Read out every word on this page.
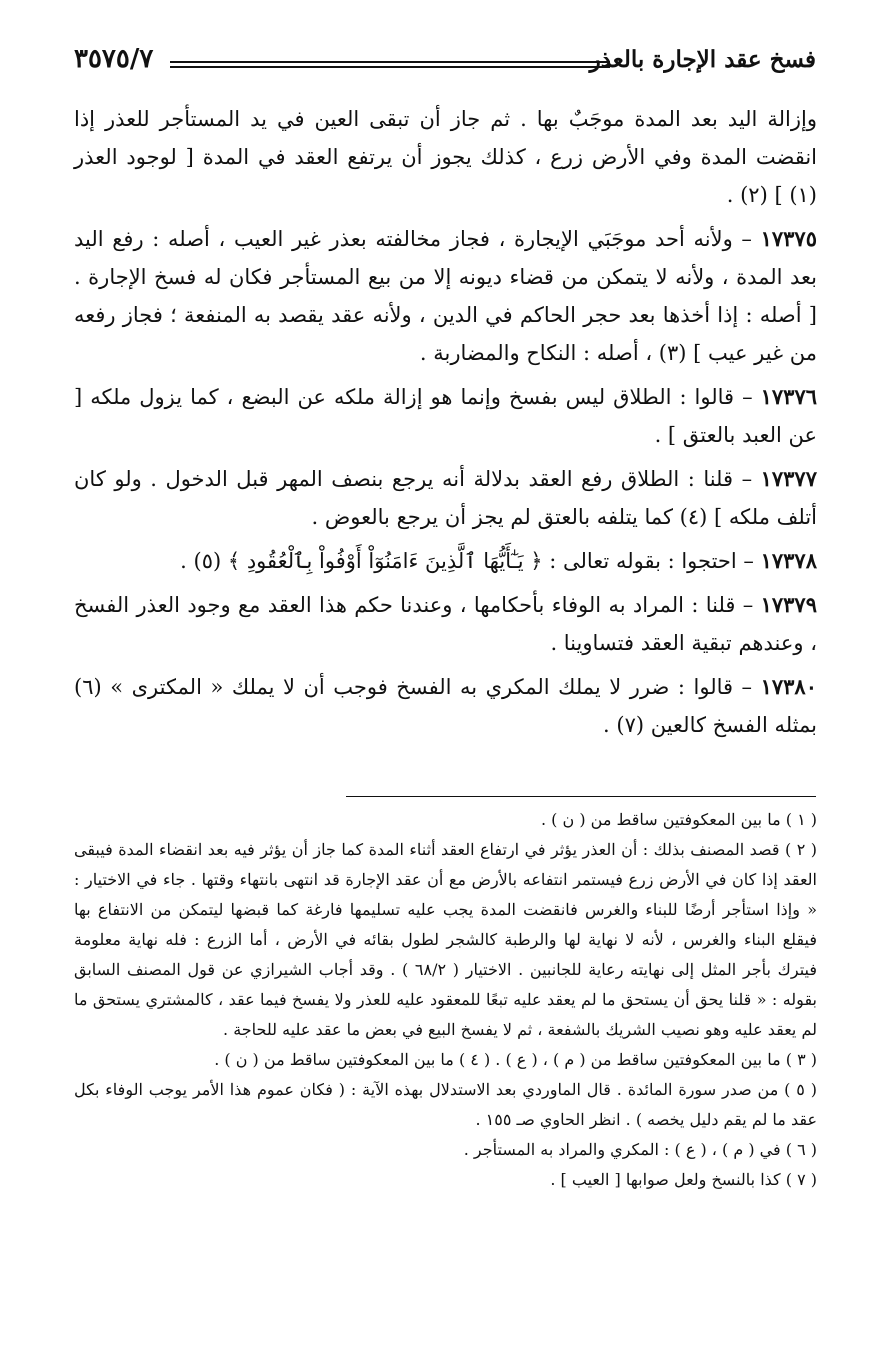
فسخ عقد الإجارة بالعذر
٣٥٧٥/٧

وإزالة اليد بعد المدة موجَبٌ بها . ثم جاز أن تبقى العين في يد المستأجر للعذر إذا انقضت المدة وفي الأرض زرع ، كذلك يجوز أن يرتفع العقد في المدة [ لوجود العذر (١) ] (٢) .

١٧٣٧٥ – ولأنه أحد موجَبَي الإيجارة ، فجاز مخالفته بعذر غير العيب ، أصله : رفع اليد بعد المدة ، ولأنه لا يتمكن من قضاء ديونه إلا من بيع المستأجر فكان له فسخ الإجارة . [ أصله : إذا أخذها بعد حجر الحاكم في الدين ، ولأنه عقد يقصد به المنفعة ؛ فجاز رفعه من غير عيب ] (٣) ، أصله : النكاح والمضاربة .

١٧٣٧٦ – قالوا : الطلاق ليس بفسخ وإنما هو إزالة ملكه عن البضع ، كما يزول ملكه [ عن العبد بالعتق ] .

١٧٣٧٧ – قلنا : الطلاق رفع العقد بدلالة أنه يرجع بنصف المهر قبل الدخول . ولو كان أتلف ملكه ] (٤) كما يتلفه بالعتق لم يجز أن يرجع بالعوض .

١٧٣٧٨ – احتجوا : بقوله تعالى : ﴿ يَـٰٓأَيُّهَا ٱلَّذِينَ ءَامَنُوٓاْ أَوْفُواْ بِٱلْعُقُودِ ﴾ (٥) .

١٧٣٧٩ – قلنا : المراد به الوفاء بأحكامها ، وعندنا حكم هذا العقد مع وجود العذر الفسخ ، وعندهم تبقية العقد فتساوينا .

١٧٣٨٠ – قالوا : ضرر لا يملك المكري به الفسخ فوجب أن لا يملك « المكترى » (٦) بمثله الفسخ كالعين (٧) .

( ١ ) ما بين المعكوفتين ساقط من ( ن ) .

( ٢ ) قصد المصنف بذلك : أن العذر يؤثر في ارتفاع العقد أثناء المدة كما جاز أن يؤثر فيه بعد انقضاء المدة فيبقى العقد إذا كان في الأرض زرع فيستمر انتفاعه بالأرض مع أن عقد الإجارة قد انتهى بانتهاء وقتها . جاء في الاختيار : « وإذا استأجر أرضًا للبناء والغرس فانقضت المدة يجب عليه تسليمها فارغة كما قبضها ليتمكن من الانتفاع بها فيقلع البناء والغرس ، لأنه لا نهاية لها والرطبة كالشجر لطول بقائه في الأرض ، أما الزرع : فله نهاية معلومة فيترك بأجر المثل إلى نهايته رعاية للجانبين . الاختيار ( ٦٨/٢ ) . وقد أجاب الشيرازي عن قول المصنف السابق بقوله : « قلنا يحق أن يستحق ما لم يعقد عليه تبعًا للمعقود عليه للعذر ولا يفسخ فيما عقد ، كالمشتري يستحق ما لم يعقد عليه وهو نصيب الشريك بالشفعة ، ثم لا يفسخ البيع في بعض ما عقد عليه للحاجة .

( ٣ ) ما بين المعكوفتين ساقط من ( م ) ، ( ع ) . ( ٤ ) ما بين المعكوفتين ساقط من ( ن ) .

( ٥ ) من صدر سورة المائدة . قال الماوردي بعد الاستدلال بهذه الآية : ( فكان عموم هذا الأمر يوجب الوفاء بكل عقد ما لم يقم دليل يخصه ) . انظر الحاوي صـ ١٥٥ .

( ٦ ) في ( م ) ، ( ع ) : المكري والمراد به المستأجر .

( ٧ ) كذا بالنسخ ولعل صوابها [ العيب ] .
